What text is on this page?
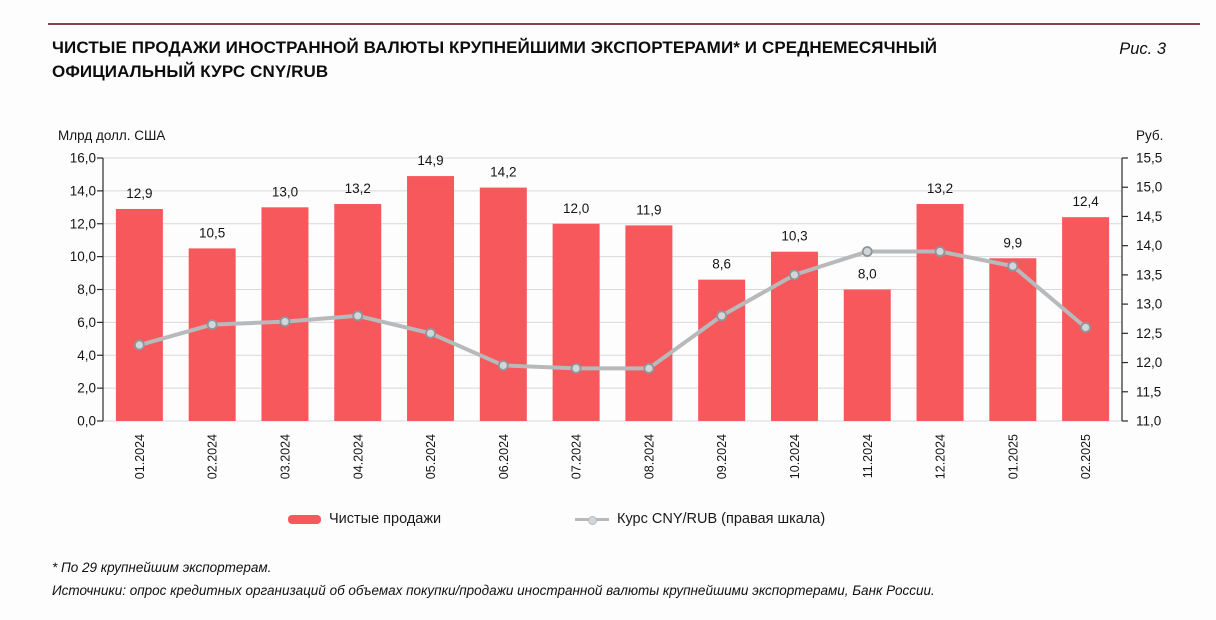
ЧИСТЫЕ ПРОДАЖИ ИНОСТРАННОЙ ВАЛЮТЫ КРУПНЕЙШИМИ ЭКСПОРТЕРАМИ* И СРЕДНЕМЕСЯЧНЫЙ
ОФИЦИАЛЬНЫЙ КУРС CNY/RUB
Рис. 3
12,9
10,5
13,0	13,2
14,9
14,2
12,0	11,9
8,6
10,3
8,0
13,2
9,9
12,4
0,0
2,0
4,0
6,0
8,0
10,0
12,0
14,0
16,0
11,0
11,5
12,0
12,5
13,0
13,5
14,0
14,5
15,0
15,5
Млрд долл. США	Руб.
01.2024	02.2024	03.2024	04.2024	05.2024	06.2024	07.2024	08.2024	09.2024	10.2024	11.2024	12.2024	01.2025	02.2025
Чистые продажи	Курс CNY/RUB (правая шкала)
* По 29 крупнейшим экспортерам.
Источники: опрос кредитных организаций об объемах покупки/продажи иностранной валюты крупнейшими экспортерами, Банк России.
